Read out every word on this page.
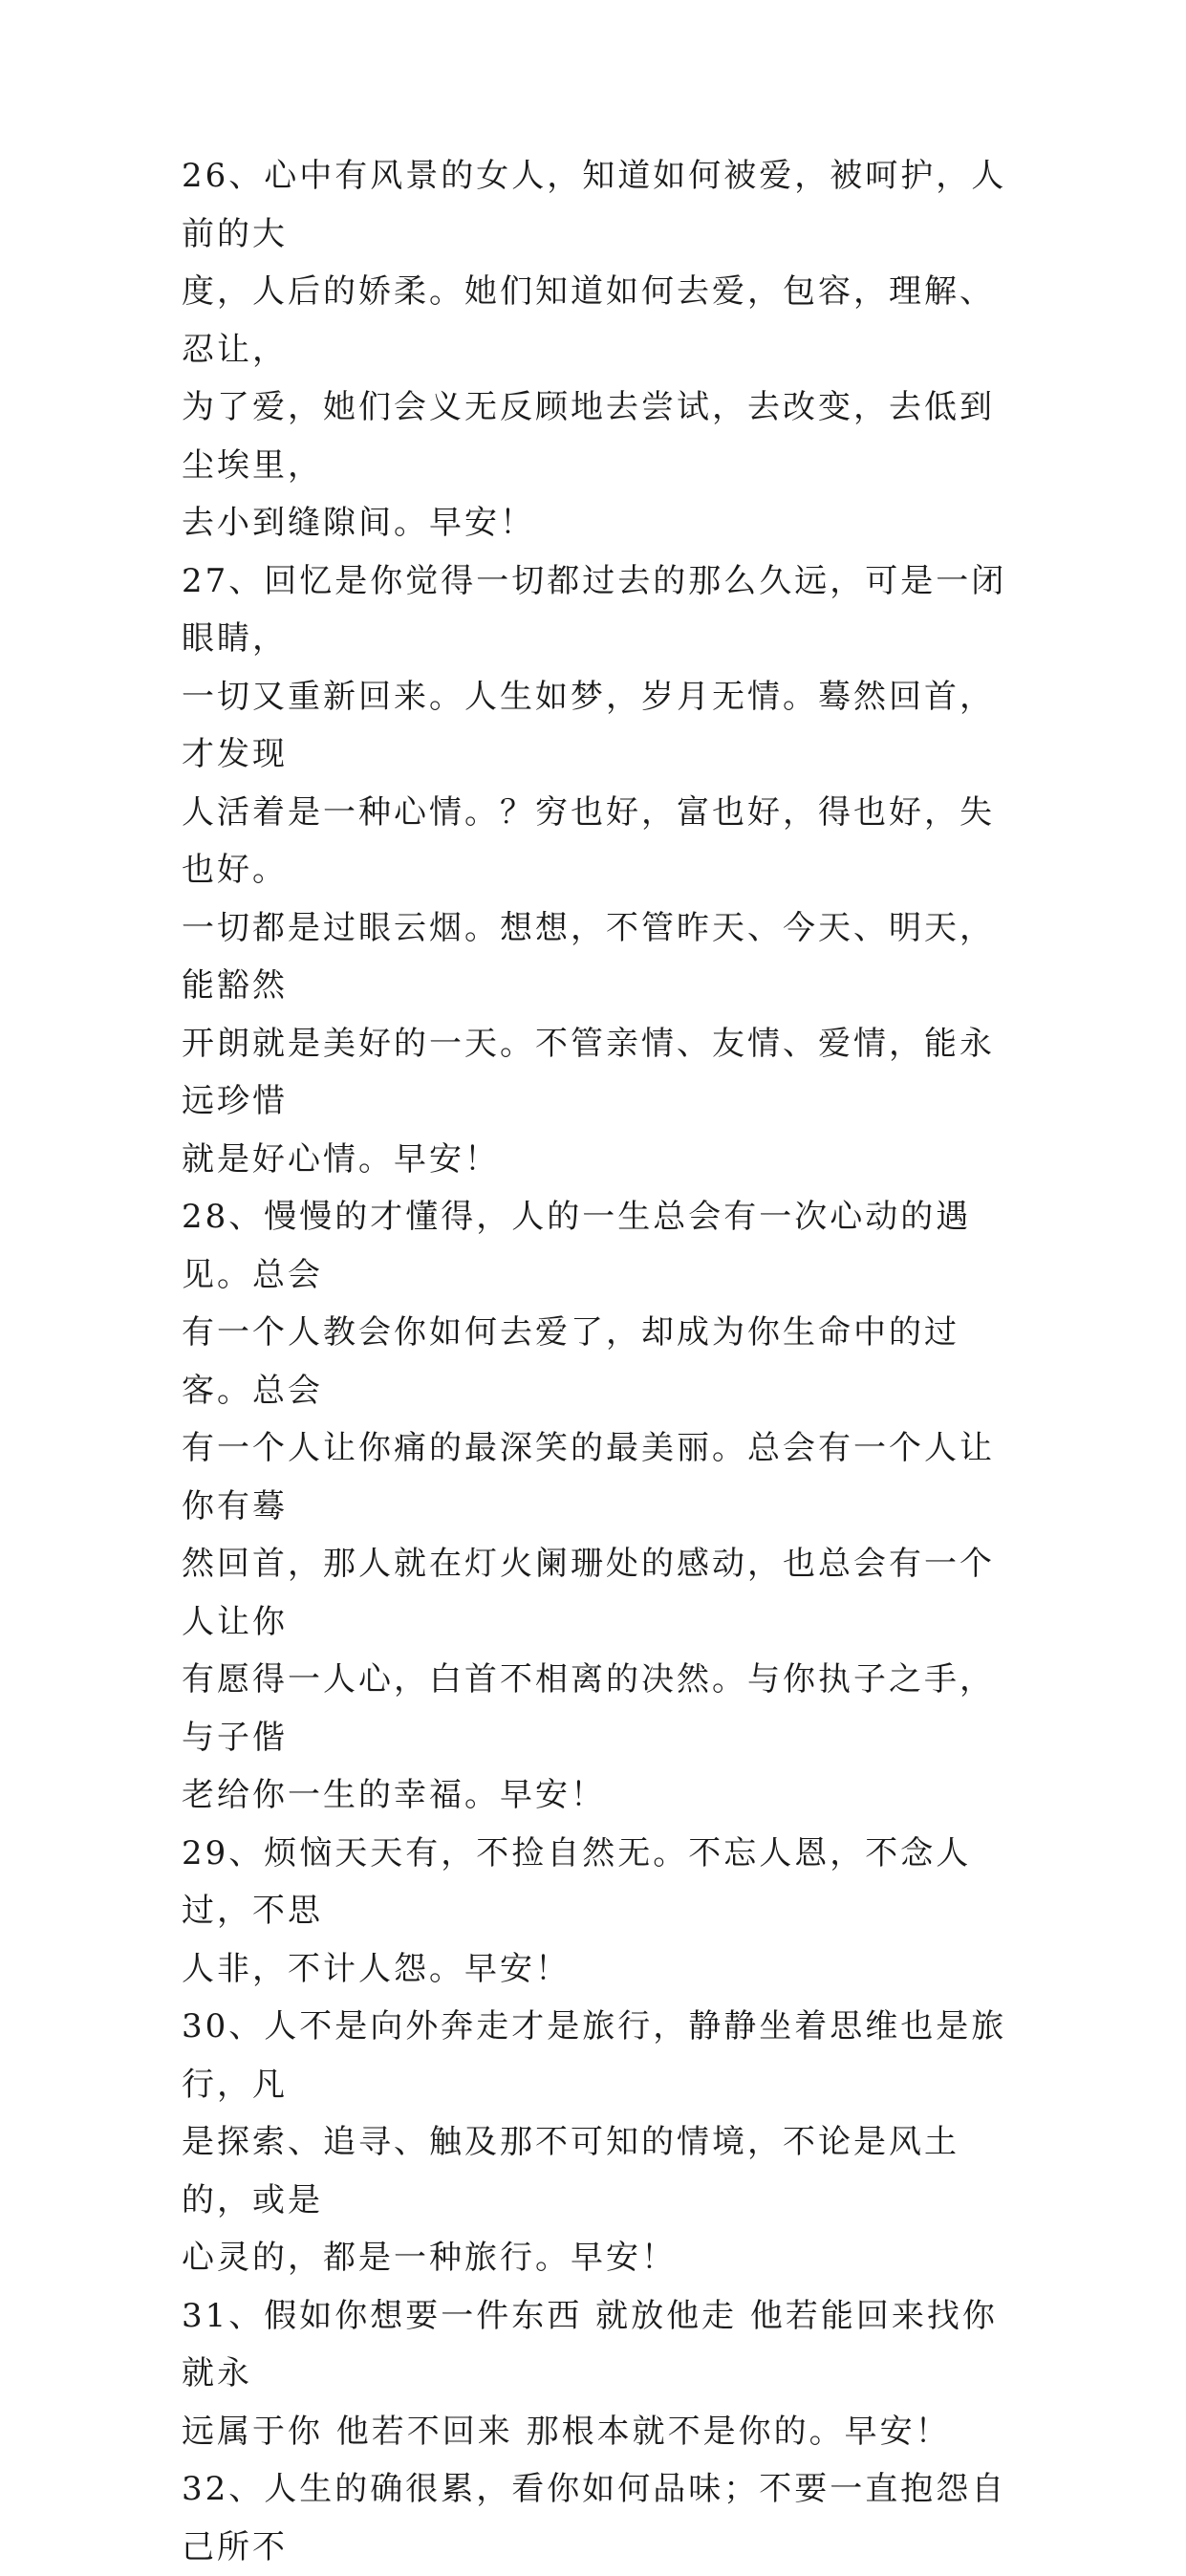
26、心中有风景的女人，知道如何被爱，被呵护，人前的大
度，人后的娇柔。她们知道如何去爱，包容，理解、忍让，
为了爱，她们会义无反顾地去尝试，去改变，去低到尘埃里，
去小到缝隙间。早安！

27、回忆是你觉得一切都过去的那么久远，可是一闭眼睛，
一切又重新回来。人生如梦，岁月无情。蓦然回首，才发现
人活着是一种心情。？穷也好，富也好，得也好，失也好。
一切都是过眼云烟。想想，不管昨天、今天、明天，能豁然
开朗就是美好的一天。不管亲情、友情、爱情，能永远珍惜
就是好心情。早安！

28、慢慢的才懂得，人的一生总会有一次心动的遇见。总会
有一个人教会你如何去爱了，却成为你生命中的过客。总会
有一个人让你痛的最深笑的最美丽。总会有一个人让你有蓦
然回首，那人就在灯火阑珊处的感动，也总会有一个人让你
有愿得一人心，白首不相离的决然。与你执子之手，与子偕
老给你一生的幸福。早安！

29、烦恼天天有，不捡自然无。不忘人恩，不念人过，不思
人非，不计人怨。早安！

30、人不是向外奔走才是旅行，静静坐着思维也是旅行，凡
是探索、追寻、触及那不可知的情境，不论是风土的，或是
心灵的，都是一种旅行。早安！

31、假如你想要一件东西 就放他走 他若能回来找你 就永
远属于你 他若不回来 那根本就不是你的。早安！

32、人生的确很累，看你如何品味；不要一直抱怨自己所不
